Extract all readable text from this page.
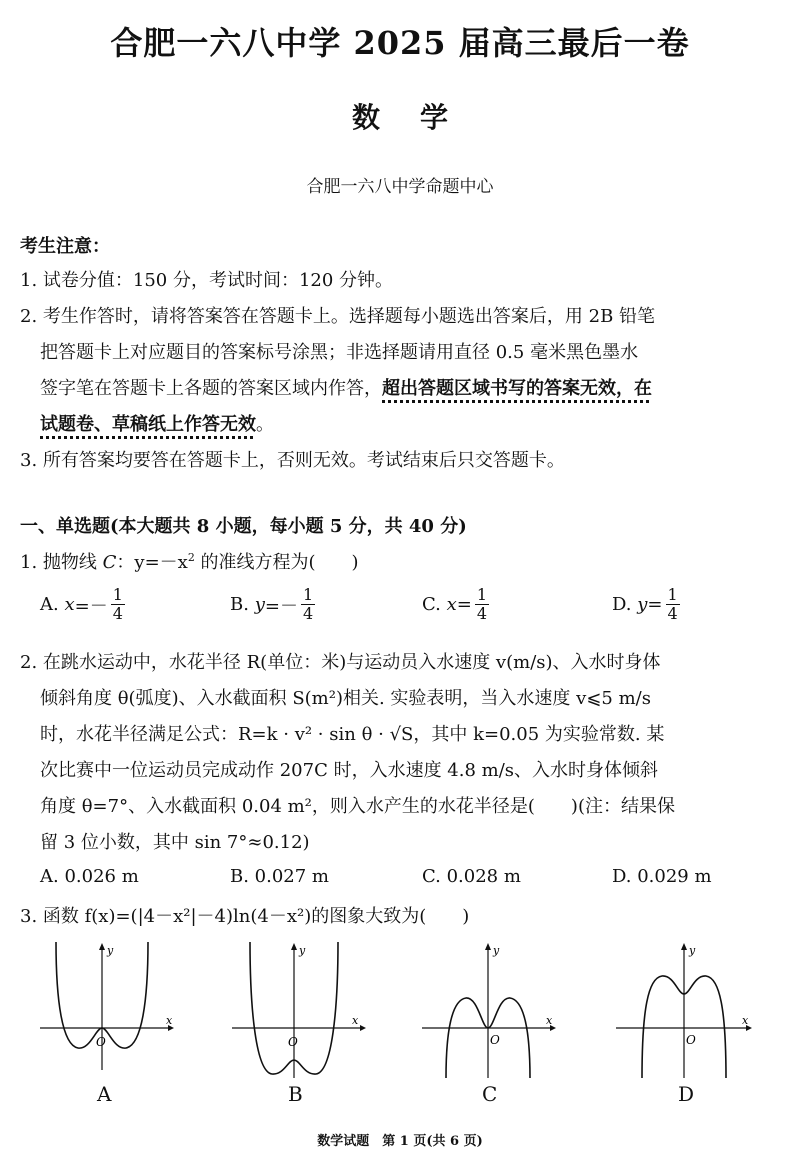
合肥一六八中学 2025 届高三最后一卷
数学
合肥一六八中学命题中心
考生注意：
1. 试卷分值：150 分，考试时间：120 分钟。
2. 考生作答时，请将答案答在答题卡上。选择题每小题选出答案后，用 2B 铅笔
把答题卡上对应题目的答案标号涂黑；非选择题请用直径 0.5 毫米黑色墨水
签字笔在答题卡上各题的答案区域内作答，超出答题区域书写的答案无效，在
试题卷、草稿纸上作答无效。
3. 所有答案均要答在答题卡上，否则无效。考试结束后只交答题卡。
一、单选题(本大题共 8 小题，每小题 5 分，共 40 分)
1. 抛物线 C：$y=-x^2$ 的准线方程为(　　)
A.
$x =- \frac{1}{4}$	B.
$y =- \frac{1}{4}$	C.
$x = \frac{1}{4}$	D.
$y = \frac{1}{4}$
2. 在跳水运动中，水花半径 R(单位：米)与运动员入水速度 v(m/s)、入水时身体
倾斜角度 θ(弧度)、入水截面积 S(m²)相关. 实验表明，当入水速度 v⩽5 m/s
时，水花半径满足公式：R=k · v² · sin θ · √S，其中 k=0.05 为实验常数. 某
次比赛中一位运动员完成动作 207C 时，入水速度 4.8 m/s、入水时身体倾斜
角度 θ=7°、入水截面积 0.04 m²，则入水产生的水花半径是(　　)(注：结果保
留 3 位小数，其中 sin 7°≈0.12)
A. 0.026 m	B. 0.027 m	C. 0.028 m	D. 0.029 m
3. 函数 f(x)=(|4－x²|－4)ln(4－x²)的图象大致为(　　)
x
y
O
A
x
y
O
B
x
y
O
C
x
y
O
D
数学试题　第 1 页(共 6 页)
